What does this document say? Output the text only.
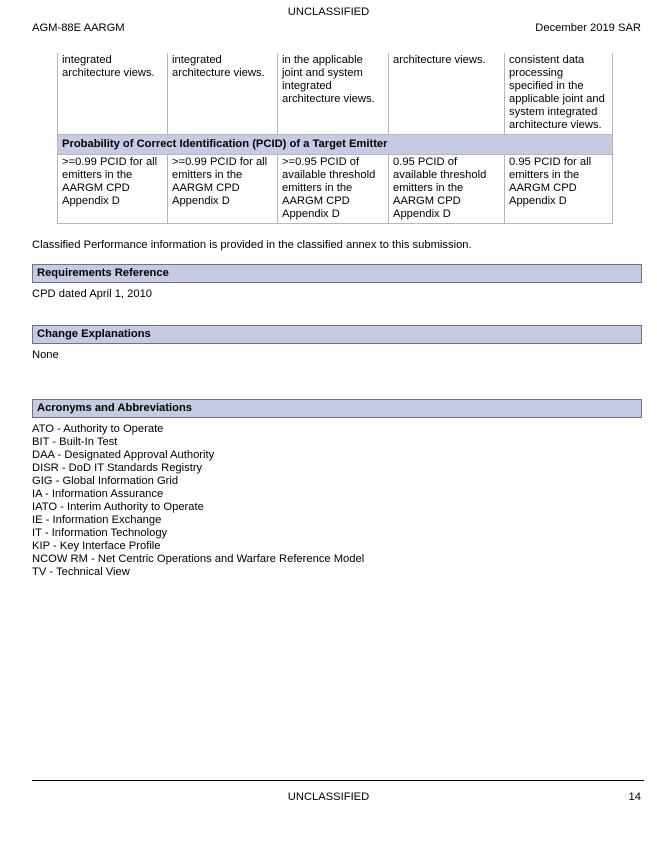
UNCLASSIFIED
AGM-88E AARGM	December 2019 SAR
integrated architecture views.	integrated architecture views.	in the applicable joint and system integrated architecture views.	architecture views.	consistent data processing specified in the applicable joint and system integrated architecture views.
Probability of Correct Identification (PCID) of a Target Emitter				
>=0.99 PCID for all emitters in the AARGM CPD Appendix D	>=0.99 PCID for all emitters in the AARGM CPD Appendix D	>=0.95 PCID of available threshold emitters in the AARGM CPD Appendix D	0.95 PCID of available threshold emitters in the AARGM CPD Appendix D	0.95 PCID for all emitters in the AARGM CPD Appendix D
Classified Performance information is provided in the classified annex to this submission.
Requirements Reference
CPD dated April 1, 2010
Change Explanations
None
Acronyms and Abbreviations
ATO - Authority to Operate
BIT - Built-In Test
DAA - Designated Approval Authority
DISR - DoD IT Standards Registry
GIG - Global Information Grid
IA - Information Assurance
IATO - Interim Authority to Operate
IE - Information Exchange
IT - Information Technology
KIP - Key Interface Profile
NCOW RM - Net Centric Operations and Warfare Reference Model
TV - Technical View
UNCLASSIFIED	14
